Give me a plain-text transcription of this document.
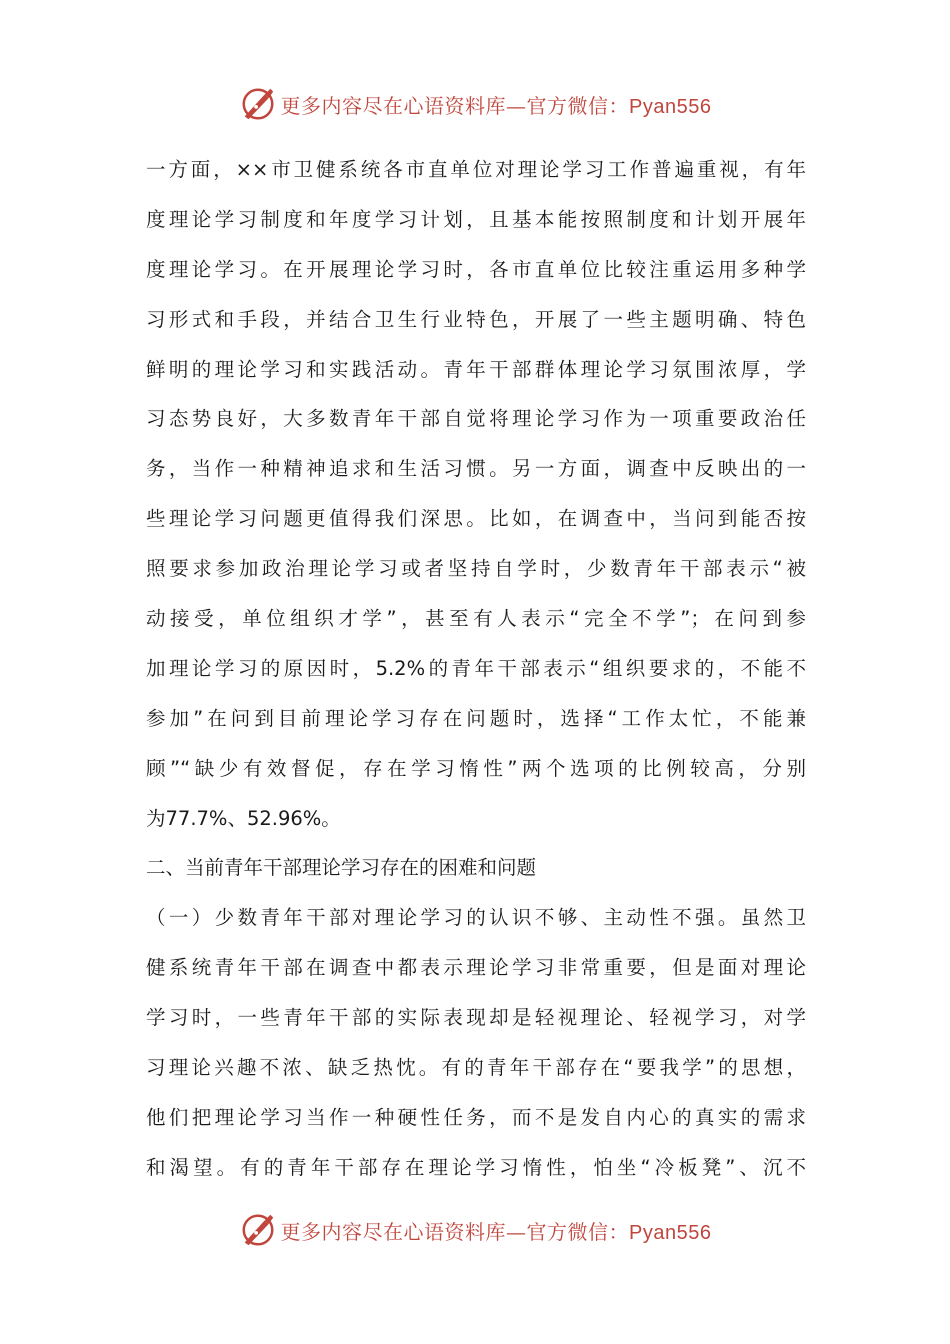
更多内容尽在心语资料库—官方微信：Pyan556
一方面，××市卫健系统各市直单位对理论学习工作普遍重视，有年
度理论学习制度和年度学习计划，且基本能按照制度和计划开展年
度理论学习。在开展理论学习时，各市直单位比较注重运用多种学
习形式和手段，并结合卫生行业特色，开展了一些主题明确、特色
鲜明的理论学习和实践活动。青年干部群体理论学习氛围浓厚，学
习态势良好，大多数青年干部自觉将理论学习作为一项重要政治任
务，当作一种精神追求和生活习惯。另一方面，调查中反映出的一
些理论学习问题更值得我们深思。比如，在调查中，当问到能否按
照要求参加政治理论学习或者坚持自学时，少数青年干部表示“被
动接受，单位组织才学”，甚至有人表示“完全不学”；在问到参
加理论学习的原因时，5.2%的青年干部表示“组织要求的，不能不
参加”在问到目前理论学习存在问题时，选择“工作太忙，不能兼
顾”“缺少有效督促，存在学习惰性”两个选项的比例较高，分别
为77.7%、52.96%。
二、当前青年干部理论学习存在的困难和问题
（一）少数青年干部对理论学习的认识不够、主动性不强。虽然卫
健系统青年干部在调查中都表示理论学习非常重要，但是面对理论
学习时，一些青年干部的实际表现却是轻视理论、轻视学习，对学
习理论兴趣不浓、缺乏热忱。有的青年干部存在“要我学”的思想，
他们把理论学习当作一种硬性任务，而不是发自内心的真实的需求
和渴望。有的青年干部存在理论学习惰性，怕坐“冷板凳”、沉不
更多内容尽在心语资料库—官方微信：Pyan556
